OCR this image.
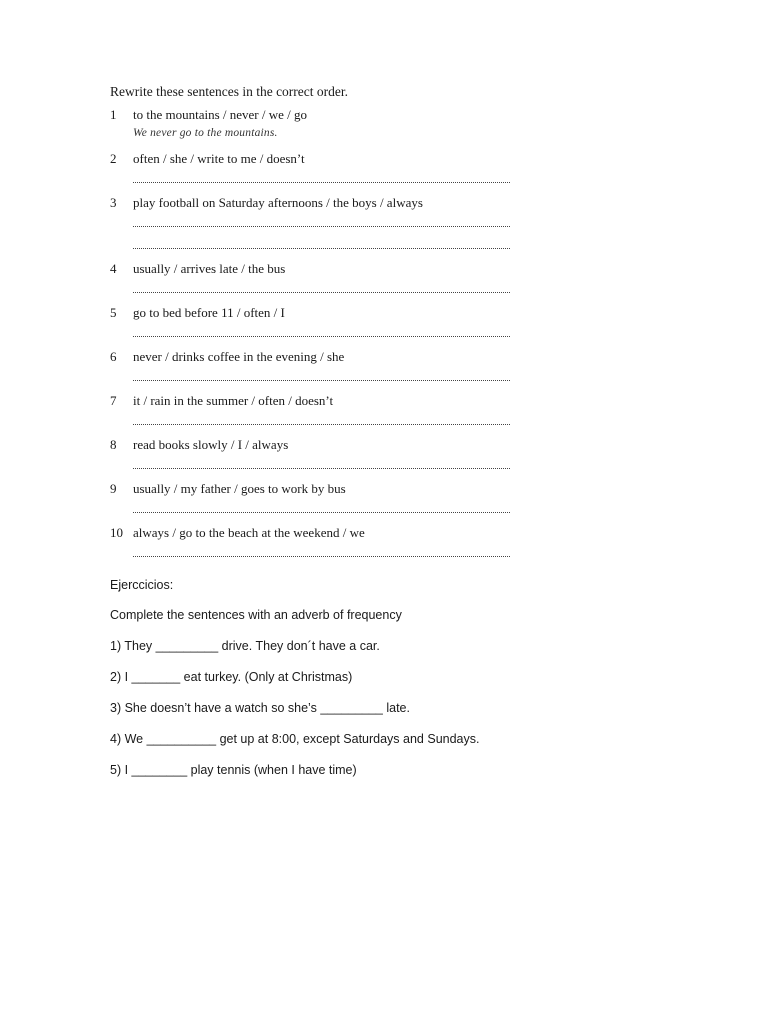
Rewrite these sentences in the correct order.
1 to the mountains / never / we / go
We never go to the mountains.
2 often / she / write to me / doesn’t
3 play football on Saturday afternoons / the boys / always
4 usually / arrives late / the bus
5 go to bed before 11 / often / I
6 never / drinks coffee in the evening / she
7 it / rain in the summer / often / doesn’t
8 read books slowly / I / always
9 usually / my father / goes to work by bus
10 always / go to the beach at the weekend / we
Ejerccicios:
Complete the sentences with an adverb of frequency
1) They _________ drive. They don´t have a car.
2) I _______ eat turkey. (Only at Christmas)
3) She doesn’t have a watch so she’s _________ late.
4) We __________ get up at 8:00, except Saturdays and Sundays.
5) I ________ play tennis (when I have time)
